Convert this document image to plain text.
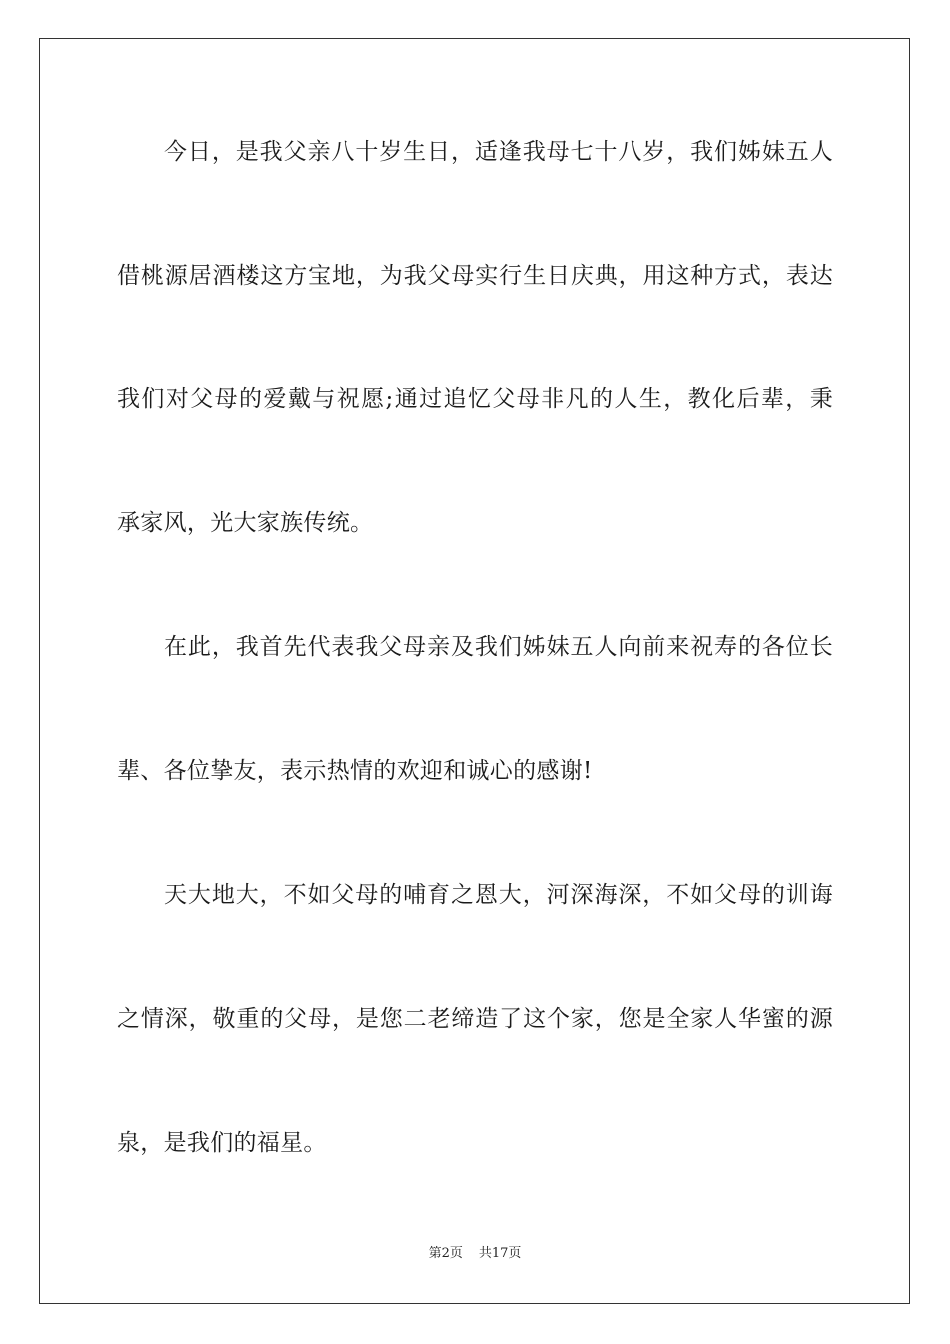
今日，是我父亲八十岁生日，适逢我母七十八岁，我们姊妹五人
借桃源居酒楼这方宝地，为我父母实行生日庆典，用这种方式，表达
我们对父母的爱戴与祝愿;通过追忆父母非凡的人生，教化后辈，秉
承家风，光大家族传统。
在此，我首先代表我父母亲及我们姊妹五人向前来祝寿的各位长
辈、各位挚友，表示热情的欢迎和诚心的感谢!
天大地大，不如父母的哺育之恩大，河深海深，不如父母的训诲
之情深，敬重的父母，是您二老缔造了这个家，您是全家人华蜜的源
泉，是我们的福星。
第2页 共17页
